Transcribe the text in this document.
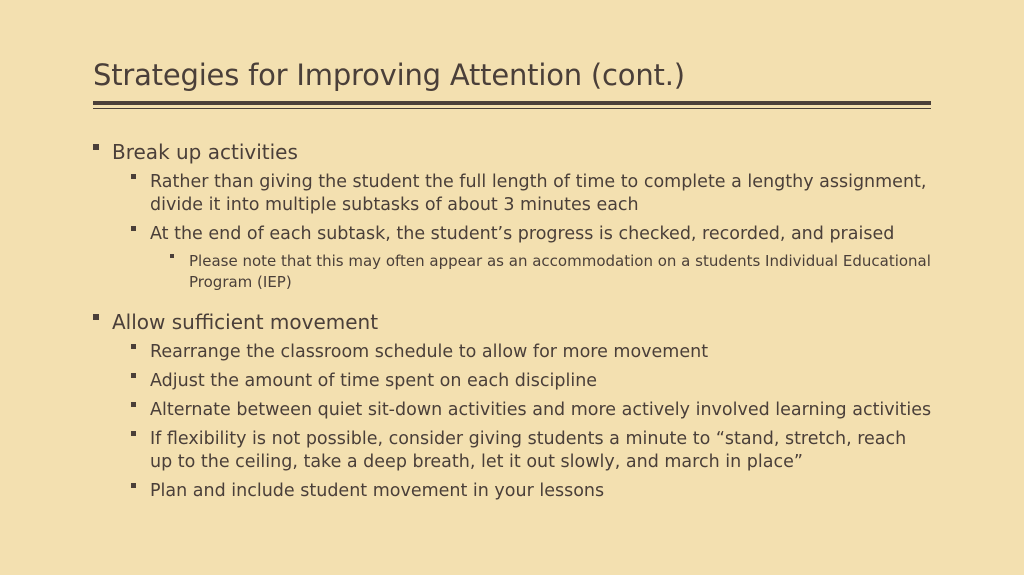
Strategies for Improving Attention (cont.)
Break up activities
Rather than giving the student the full length of time to complete a lengthy assignment, divide it into multiple subtasks of about 3 minutes each
At the end of each subtask, the student’s progress is checked, recorded, and praised
Please note that this may often appear as an accommodation on a students Individual Educational Program (IEP)
Allow sufficient movement
Rearrange the classroom schedule to allow for more movement
Adjust the amount of time spent on each discipline
Alternate between quiet sit-down activities and more actively involved learning activities
If flexibility is not possible, consider giving students a minute to “stand, stretch, reach up to the ceiling, take a deep breath, let it out slowly, and march in place”
Plan and include student movement in your lessons
